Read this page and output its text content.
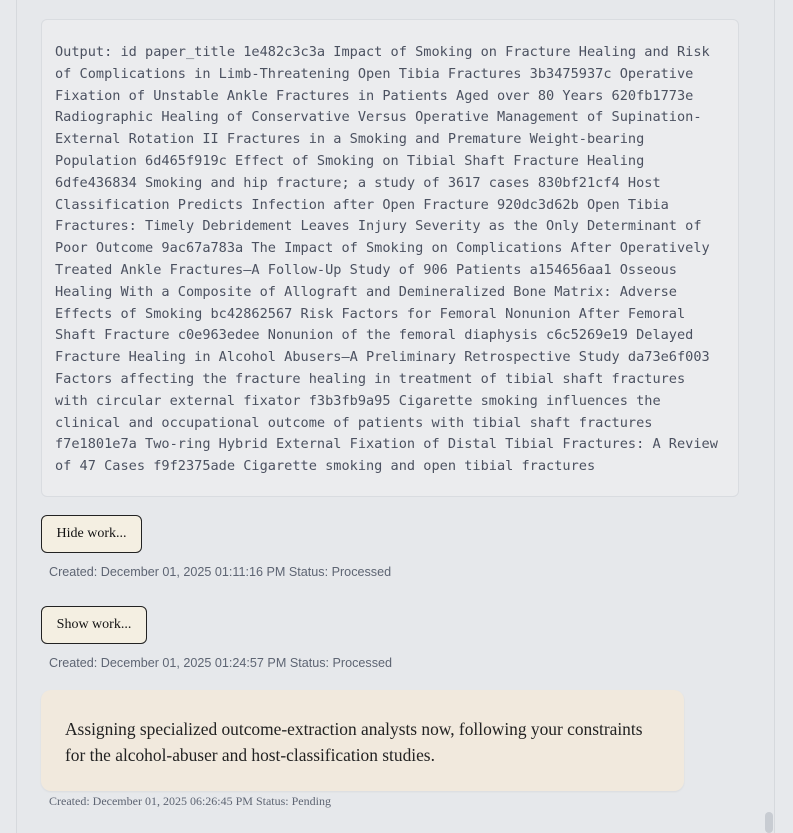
Output: id paper_title 1e482c3c3a Impact of Smoking on Fracture Healing and Risk of Complications in Limb-Threatening Open Tibia Fractures 3b3475937c Operative Fixation of Unstable Ankle Fractures in Patients Aged over 80 Years 620fb1773e Radiographic Healing of Conservative Versus Operative Management of Supination-External Rotation II Fractures in a Smoking and Premature Weight-bearing Population 6d465f919c Effect of Smoking on Tibial Shaft Fracture Healing 6dfe436834 Smoking and hip fracture; a study of 3617 cases 830bf21cf4 Host Classification Predicts Infection after Open Fracture 920dc3d62b Open Tibia Fractures: Timely Debridement Leaves Injury Severity as the Only Determinant of Poor Outcome 9ac67a783a The Impact of Smoking on Complications After Operatively Treated Ankle Fractures—A Follow-Up Study of 906 Patients a154656aa1 Osseous Healing With a Composite of Allograft and Demineralized Bone Matrix: Adverse Effects of Smoking bc42862567 Risk Factors for Femoral Nonunion After Femoral Shaft Fracture c0e963edee Nonunion of the femoral diaphysis c6c5269e19 Delayed Fracture Healing in Alcohol Abusers—A Preliminary Retrospective Study da73e6f003 Factors affecting the fracture healing in treatment of tibial shaft fractures with circular external fixator f3b3fb9a95 Cigarette smoking influences the clinical and occupational outcome of patients with tibial shaft fractures f7e1801e7a Two-ring Hybrid External Fixation of Distal Tibial Fractures: A Review of 47 Cases f9f2375ade Cigarette smoking and open tibial fractures
Hide work...
Created: December 01, 2025 01:11:16 PM Status: Processed
Show work...
Created: December 01, 2025 01:24:57 PM Status: Processed
Assigning specialized outcome-extraction analysts now, following your constraints for the alcohol-abuser and host-classification studies.
Created: December 01, 2025 06:26:45 PM Status: Pending
